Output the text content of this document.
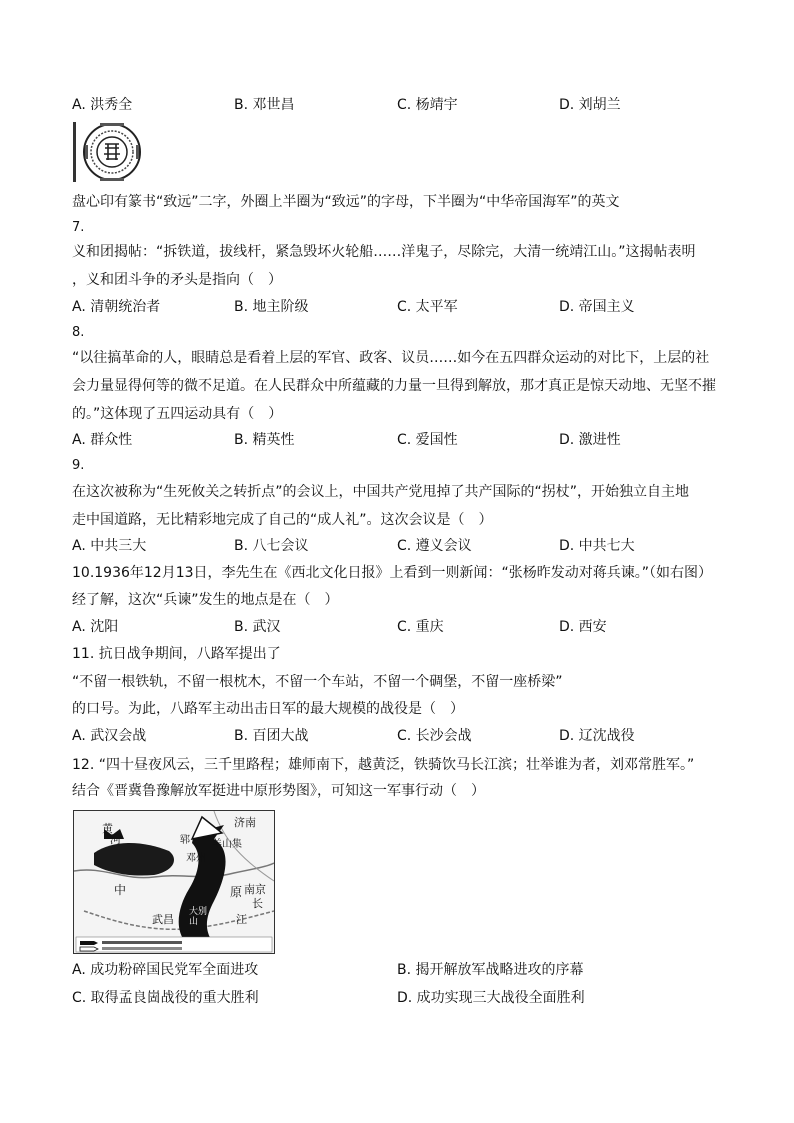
A. 洪秀全	B. 邓世昌	C. 杨靖宇	D. 刘胡兰
盘心印有篆书“致远”二字，外圈上半圈为“致远”的字母，下半圈为“中华帝国海军”的英文
7.
义和团揭帖：“拆铁道，拔线杆，紧急毁坏火轮船……洋鬼子，尽除完，大清一统靖江山。”这揭帖表明
，义和团斗争的矛头是指向（　）
A. 清朝统治者	B. 地主阶级	C. 太平军	D. 帝国主义
8.
“以往搞革命的人，眼睛总是看着上层的军官、政客、议员……如今在五四群众运动的对比下，上层的社
会力量显得何等的微不足道。在人民群众中所蕴藏的力量一旦得到解放，那才真正是惊天动地、无坚不摧
的。”这体现了五四运动具有（　）
A. 群众性	B. 精英性	C. 爱国性	D. 激进性
9.
在这次被称为“生死攸关之转折点”的会议上，中国共产党甩掉了共产国际的“拐杖”，开始独立自主地
走中国道路，无比精彩地完成了自己的“成人礼”。这次会议是（　）
A. 中共三大	B. 八七会议	C. 遵义会议	D. 中共七大
10.1936年12月13日，李先生在《西北文化日报》上看到一则新闻：“张杨昨发动对蒋兵谏。”（如右图）
经了解，这次“兵谏”发生的地点是在（　）
A. 沈阳	B. 武汉	C. 重庆	D. 西安
11. 抗日战争期间，八路军提出了
“不留一根铁轨，不留一根枕木，不留一个车站，不留一个碉堡，不留一座桥梁”
的口号。为此，八路军主动出击日军的最大规模的战役是（　）
A. 武汉会战	B. 百团大战	C. 长沙会战	D. 辽沈战役
12. “四十昼夜风云，三千里路程；雄师南下，越黄泛，铁骑饮马长江滨；壮举谁为者，刘邓常胜军。”
结合《晋冀鲁豫解放军挺进中原形势图》，可知这一军事行动（　）
黄
河
济南
羊山集
郓
南京
中	原
武昌
大别山
长
江
邓 州
A. 成功粉碎国民党军全面进攻	B. 揭开解放军战略进攻的序幕
C. 取得孟良崮战役的重大胜利	D. 成功实现三大战役全面胜利
